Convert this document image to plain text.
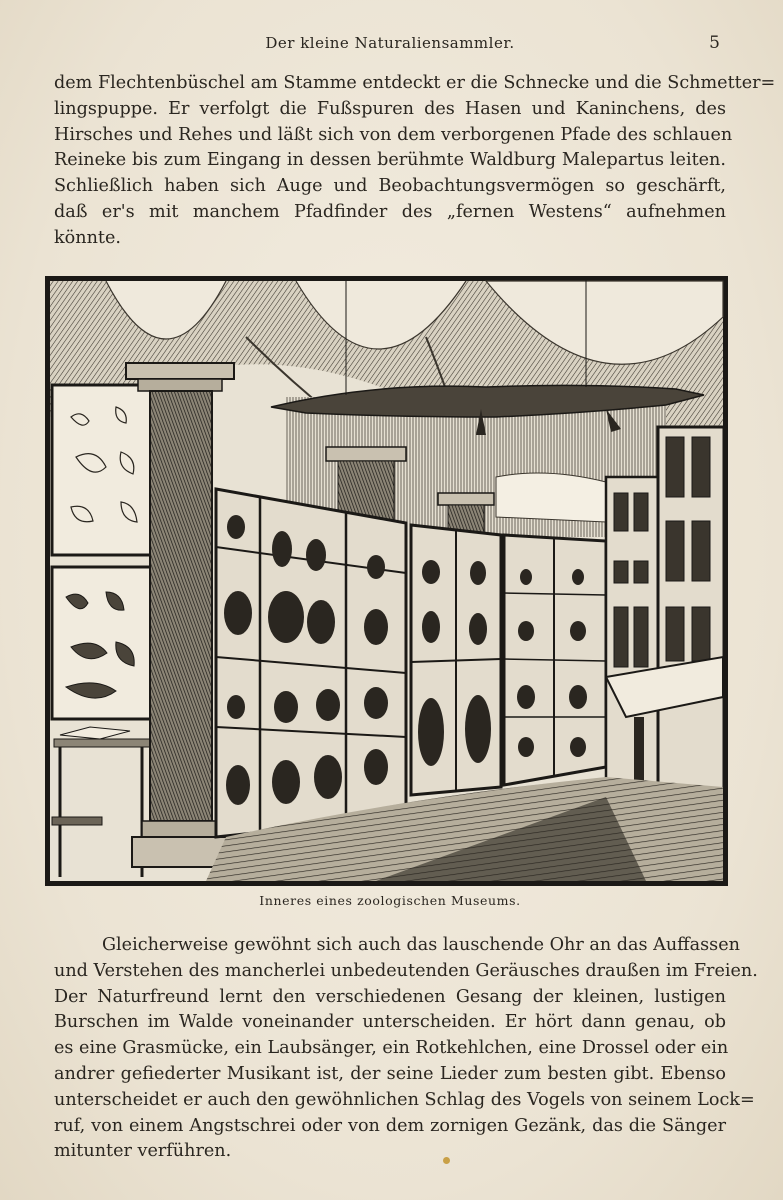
Der kleine Naturaliensammler.	5
dem Flechtenbüschel am Stamme entdeckt er die Schnecke und die Schmetter=
lingspuppe. Er verfolgt die Fußspuren des Hasen und Kaninchens, des
Hirsches und Rehes und läßt sich von dem verborgenen Pfade des schlauen
Reineke bis zum Eingang in dessen berühmte Waldburg Malepartus leiten.
Schließlich haben sich Auge und Beobachtungsvermögen so geschärft,
daß er's mit manchem Pfadfinder des „fernen Westens“ aufnehmen
könnte.
Inneres eines zoologischen Museums.
Gleicherweise gewöhnt sich auch das lauschende Ohr an das Auffassen
und Verstehen des mancherlei unbedeutenden Geräusches draußen im Freien.
Der Naturfreund lernt den verschiedenen Gesang der kleinen, lustigen
Burschen im Walde voneinander unterscheiden. Er hört dann genau, ob
es eine Grasmücke, ein Laubsänger, ein Rotkehlchen, eine Drossel oder ein
andrer gefiederter Musikant ist, der seine Lieder zum besten gibt. Ebenso
unterscheidet er auch den gewöhnlichen Schlag des Vogels von seinem Lock=
ruf, von einem Angstschrei oder von dem zornigen Gezänk, das die Sänger
mitunter verführen.
